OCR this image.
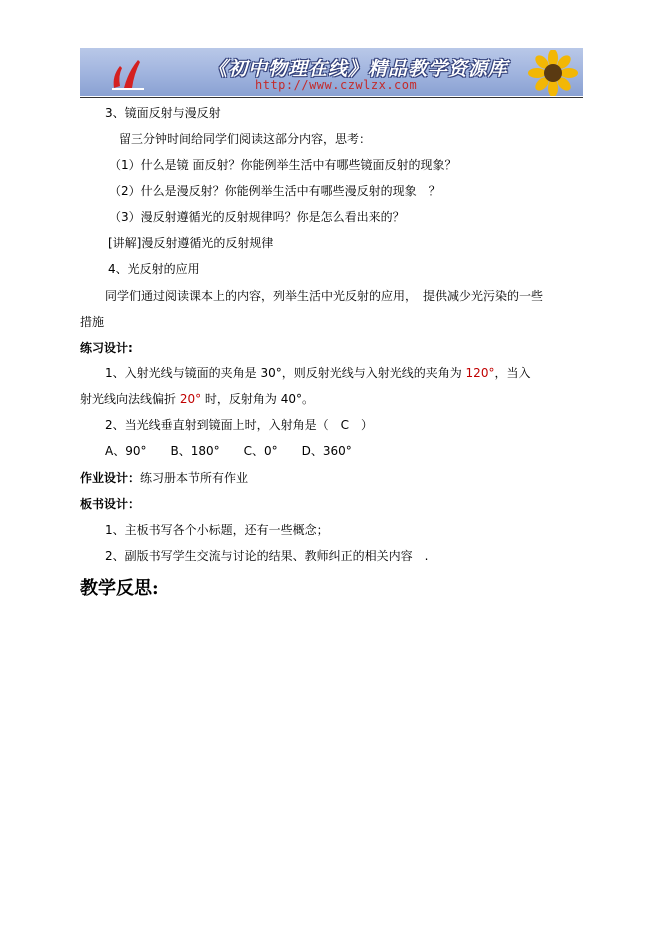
《初中物理在线》精品教学资源库
http://www.czwlzx.com
3、镜面反射与漫反射
留三分钟时间给同学们阅读这部分内容，思考：
（1）什么是镜 面反射？你能例举生活中有哪些镜面反射的现象？
（2）什么是漫反射？你能例举生活中有哪些漫反射的现象　？
（3）漫反射遵循光的反射规律吗？你是怎么看出来的？
[讲解]漫反射遵循光的反射规律
4、光反射的应用
同学们通过阅读课本上的内容，列举生活中光反射的应用，　提供减少光污染的一些
措施
练习设计:
1、入射光线与镜面的夹角是 30°，则反射光线与入射光线的夹角为 120°，当入
射光线向法线偏折 20° 时，反射角为 40°。
2、当光线垂直射到镜面上时，入射角是（　C　）
A、90°　　B、180°　　C、0°　　D、360°
作业设计：练习册本节所有作业
板书设计：
1、主板书写各个小标题，还有一些概念；
2、副版书写学生交流与讨论的结果、教师纠正的相关内容　.
教学反思:
